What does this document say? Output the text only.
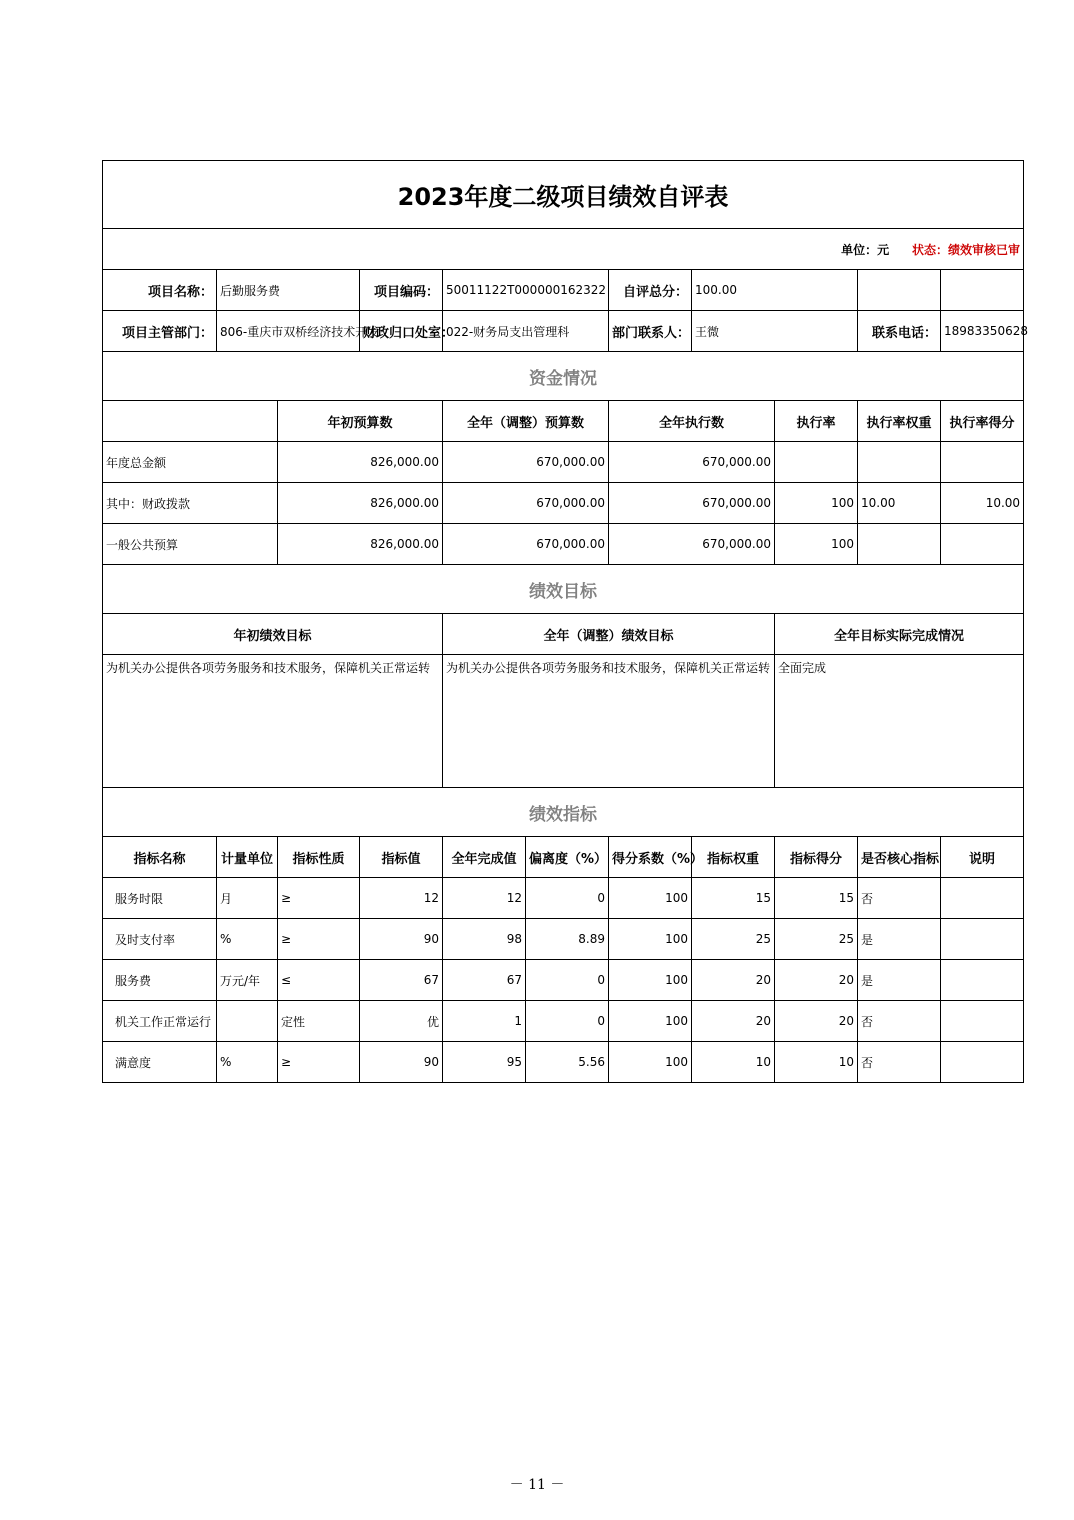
2023年度二级项目绩效自评表										
单位：元 状态：绩效审核已审										
项目名称：	后勤服务费		项目编码：	50011122T000000162322		自评总分：	100.00			
项目主管部门：	806-重庆市双桥经济技术开发		财政归口处室：	022-财务局支出管理科		部门联系人：	王微		联系电话：	18983350628
资金情况										
		年初预算数		全年（调整）预算数		全年执行数		执行率	执行率权重	执行率得分
年度总金额		826,000.00		670,000.00		670,000.00				
其中：财政拨款		826,000.00		670,000.00		670,000.00		100	10.00	10.00
一般公共预算		826,000.00		670,000.00		670,000.00		100		
绩效目标										
年初绩效目标				全年（调整）绩效目标				全年目标实际完成情况		
为机关办公提供各项劳务服务和技术服务，保障机关正常运转				为机关办公提供各项劳务服务和技术服务，保障机关正常运转				全面完成		
绩效指标										
指标名称	计量单位	指标性质	指标值	全年完成值	偏离度（%）	得分系数（%）	指标权重	指标得分	是否核心指标	说明
服务时限	月	≥	12	12	0	100	15	15	否	
及时支付率	%	≥	90	98	8.89	100	25	25	是	
服务费	万元/年	≤	67	67	0	100	20	20	是	
机关工作正常运行		定性	优	1	0	100	20	20	否	
满意度	%	≥	90	95	5.56	100	10	10	否	
－ 11 －
